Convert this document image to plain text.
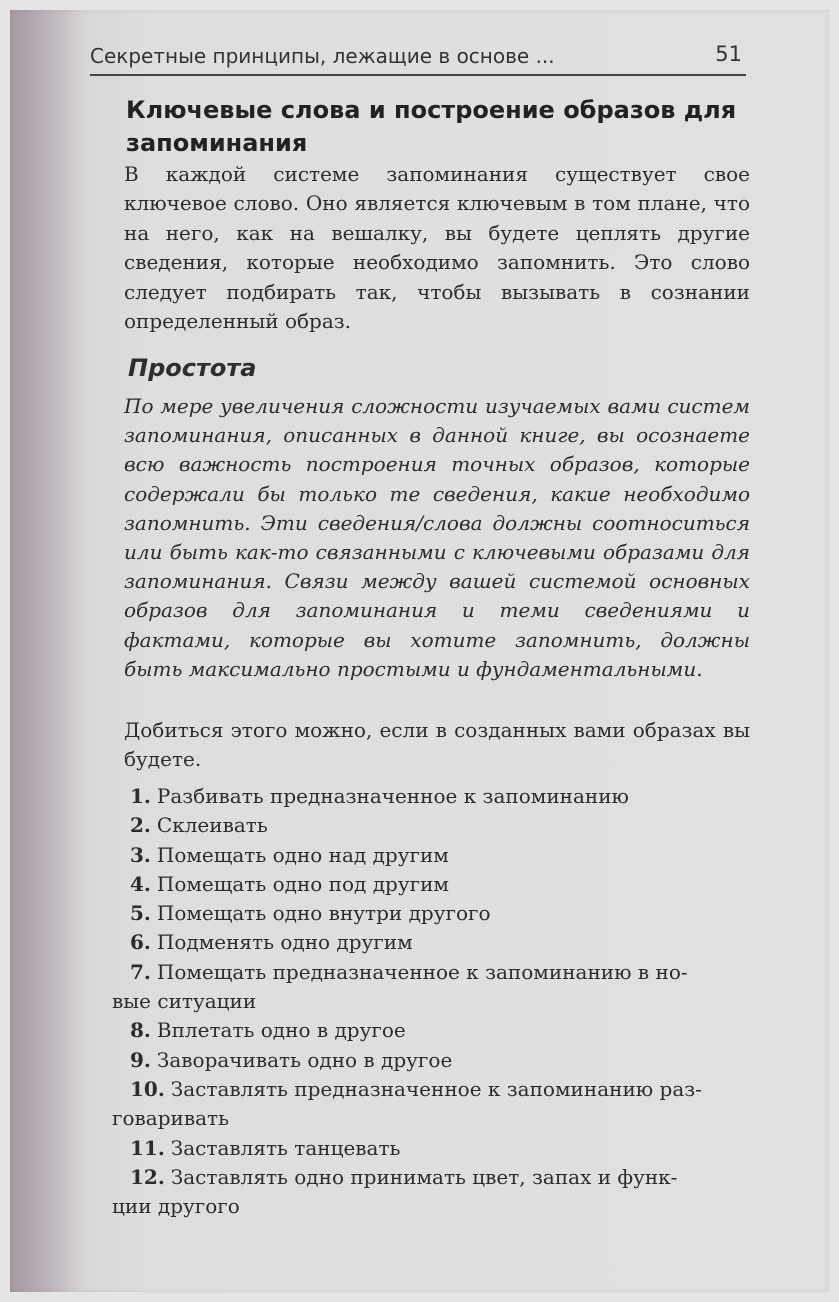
Секретные принципы, лежащие в основе ...	51
Ключевые слова и построение образов для запоминания

В каждой системе запоминания существует свое ключевое слово. Оно является ключевым в том плане, что на него, как на вешалку, вы будете цеплять другие сведения, которые необходимо запомнить. Это слово следует подбирать так, чтобы вызывать в сознании определенный образ.

Простота

По мере увеличения сложности изучаемых вами систем запоминания, описанных в данной книге, вы осознаете всю важность построения точных образов, которые содержали бы только те сведения, какие необходимо запомнить. Эти сведения/слова должны соотноситься или быть как-то связанными с ключевыми образами для запоминания. Связи между вашей системой основных образов для запоминания и теми сведениями и фактами, которые вы хотите запомнить, должны быть максимально простыми и фундаментальными.

Добиться этого можно, если в созданных вами образах вы будете.

1. Разбивать предназначенное к запоминанию
2. Склеивать
3. Помещать одно над другим
4. Помещать одно под другим
5. Помещать одно внутри другого
6. Подменять одно другим
7. Помещать предназначенное к запоминанию в но-
вые ситуации
8. Вплетать одно в другое
9. Заворачивать одно в другое
10. Заставлять предназначенное к запоминанию раз-
говаривать
11. Заставлять танцевать
12. Заставлять одно принимать цвет, запах и функ-
ции другого
